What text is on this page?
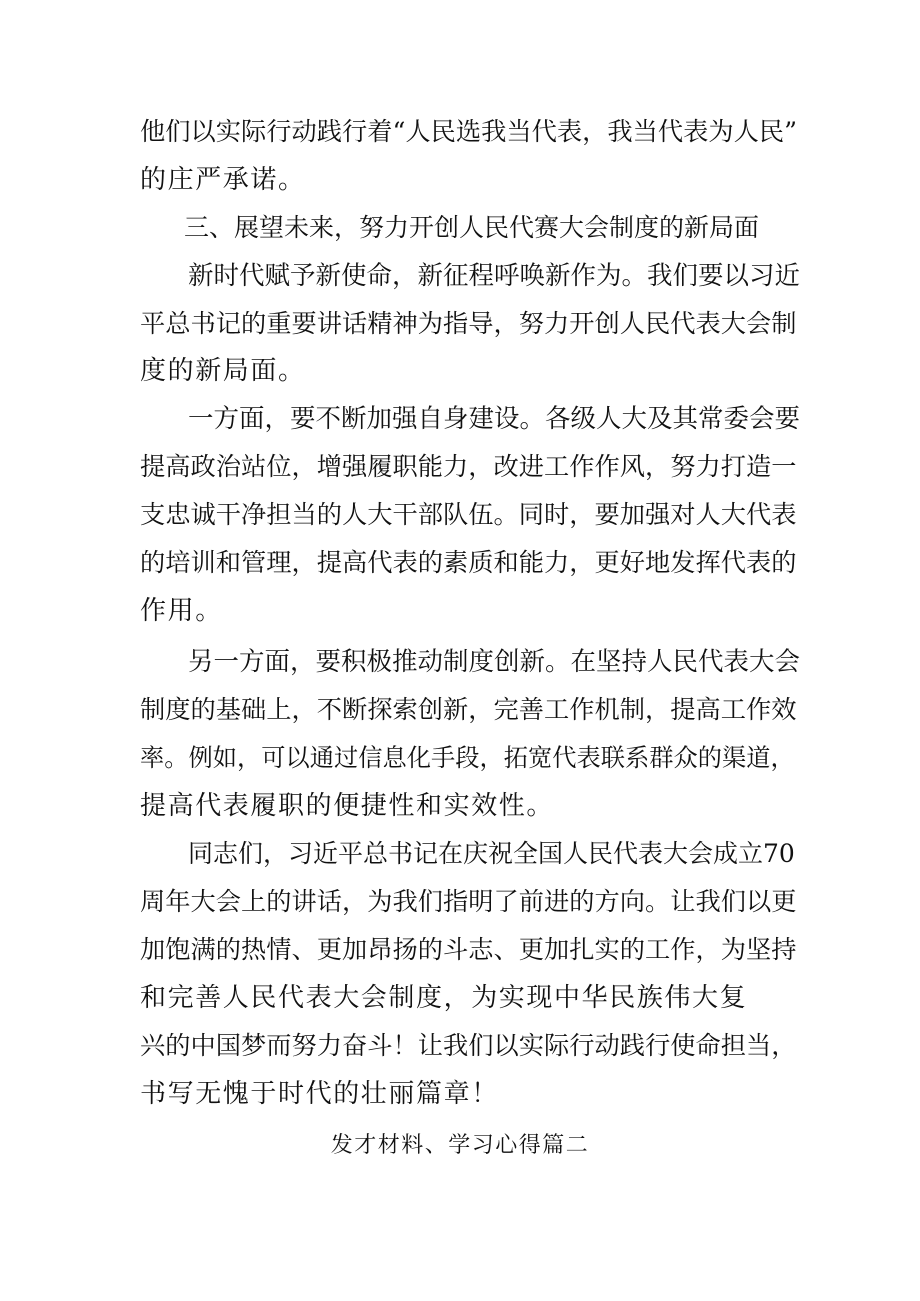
他们以实际行动践行着“人民选我当代表，我当代表为人民”
的庄严承诺。
三、展望未来，努力开创人民代赛大会制度的新局面
新时代赋予新使命，新征程呼唤新作为。我们要以习近
平总书记的重要讲话精神为指导，努力开创人民代表大会制
度的新局面。
一方面，要不断加强自身建设。各级人大及其常委会要
提高政治站位，增强履职能力，改进工作作风，努力打造一
支忠诚干净担当的人大干部队伍。同时，要加强对人大代表
的培训和管理，提高代表的素质和能力，更好地发挥代表的
作用。
另一方面，要积极推动制度创新。在坚持人民代表大会
制度的基础上，不断探索创新，完善工作机制，提高工作效
率。例如，可以通过信息化手段，拓宽代表联系群众的渠道，
提高代表履职的便捷性和实效性。
同志们，习近平总书记在庆祝全国人民代表大会成立70
周年大会上的讲话，为我们指明了前进的方向。让我们以更
加饱满的热情、更加昂扬的斗志、更加扎实的工作，为坚持
和完善人民代表大会制度，为实现中华民族伟大复
兴的中国梦而努力奋斗！让我们以实际行动践行使命担当，
书写无愧于时代的壮丽篇章！
发才材料、学习心得篇二
